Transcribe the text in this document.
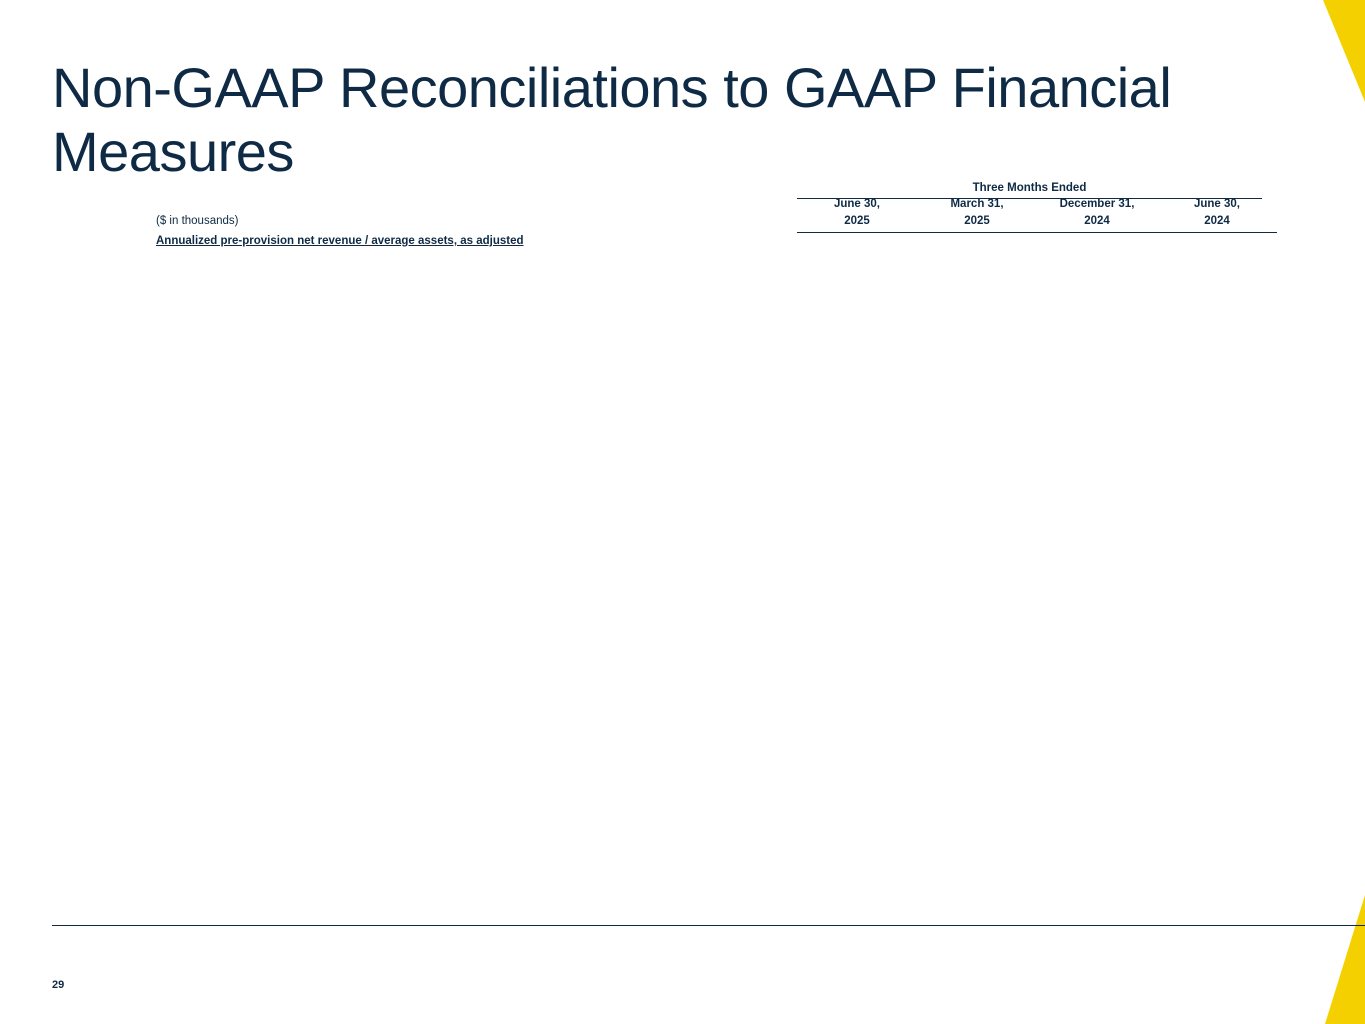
Non-GAAP Reconciliations to GAAP Financial Measures
Three Months Ended
($ in thousands)
June 30,
2025
March 31,
2025
December 31,
2024
June 30,
2024
Annualized pre-provision net revenue / average assets, as adjusted
29
